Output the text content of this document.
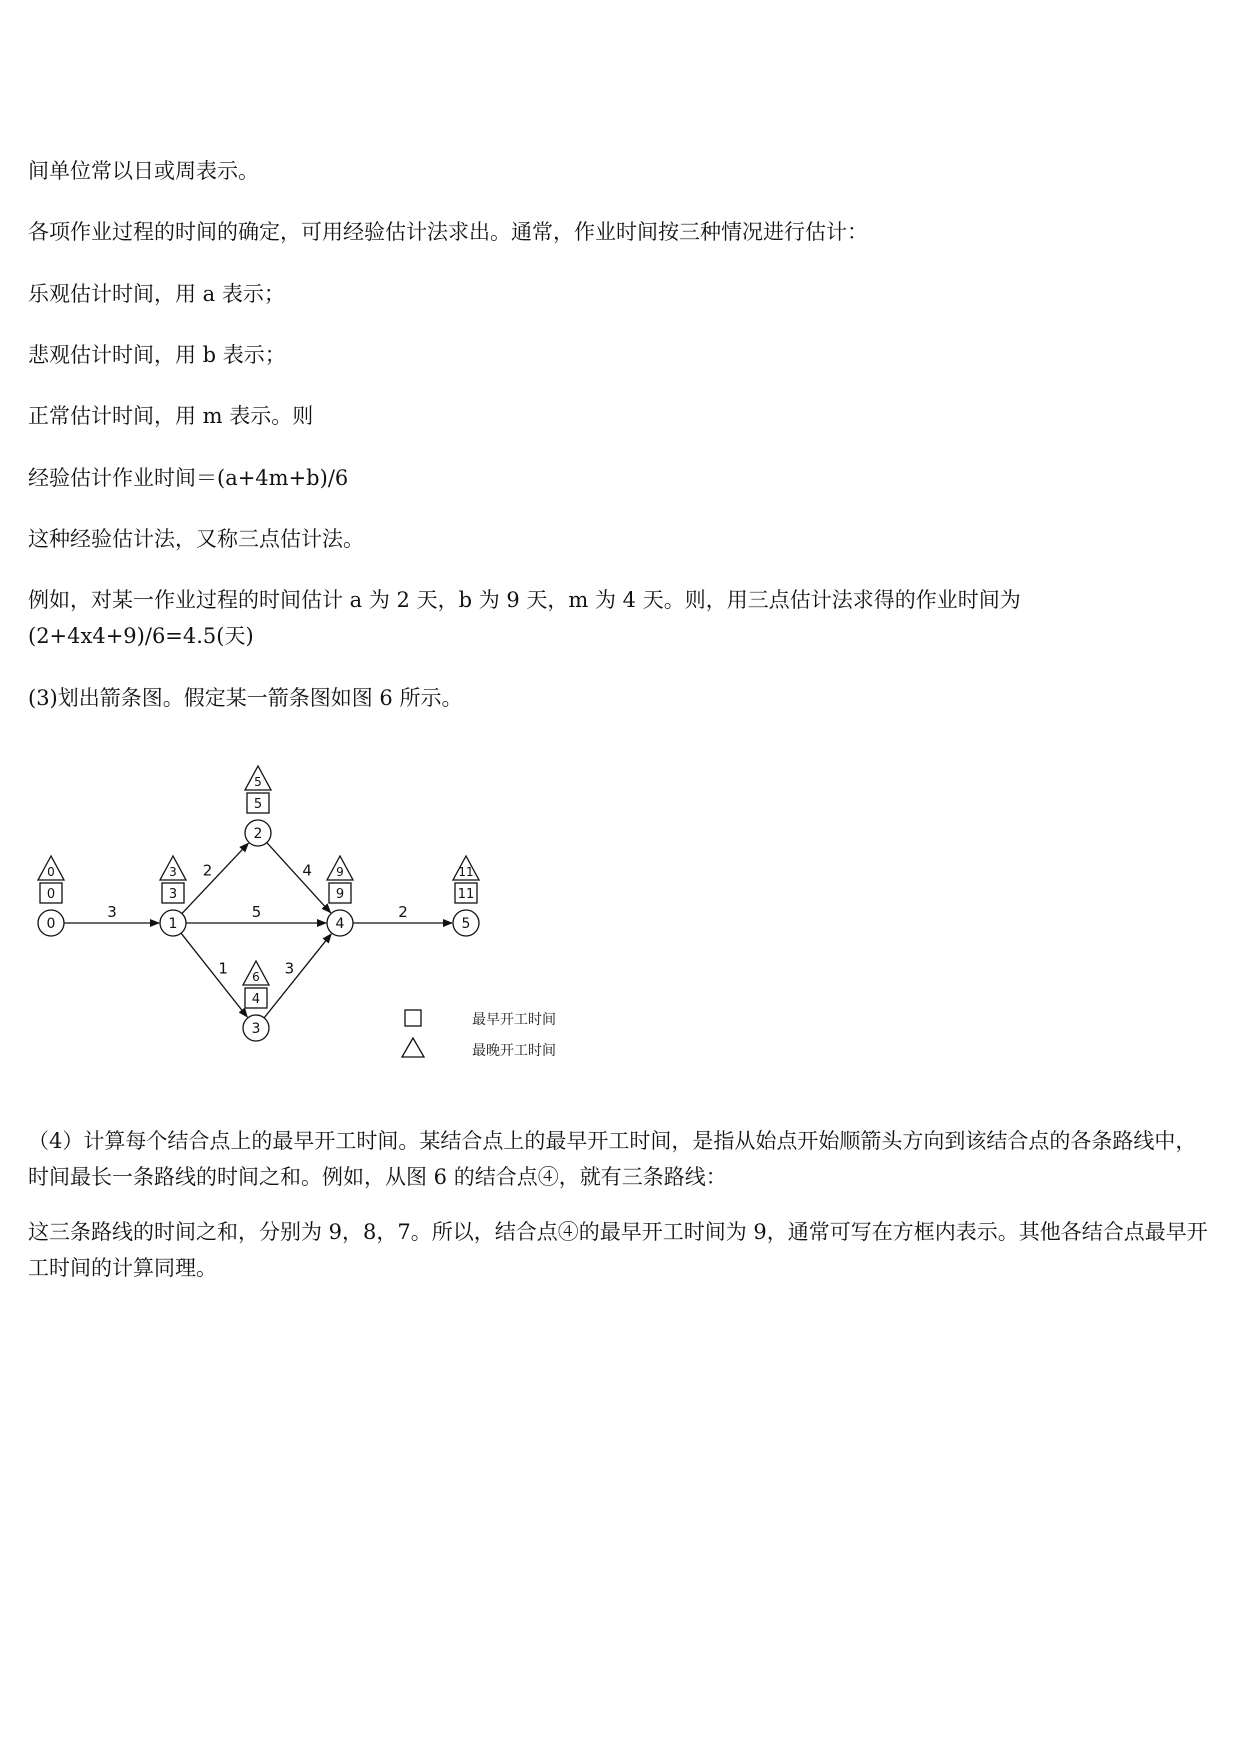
间单位常以日或周表示。

各项作业过程的时间的确定，可用经验估计法求出。通常，作业时间按三种情况进行估计：

乐观估计时间，用 a 表示；

悲观估计时间，用 b 表示；

正常估计时间，用 m 表示。则

经验估计作业时间＝(a+4m+b)/6

这种经验估计法，又称三点估计法。

例如，对某一作业过程的时间估计 a 为 2 天，b 为 9 天，m 为 4 天。则，用三点估计法求得的作业时间为
(2+4x4+9)/6=4.5(天)

(3)划出箭条图。假定某一箭条图如图 6 所示。

3
2
5
1
4
3
2
0
0
0
1
3
3
2
5
5
3
4
6
4
9
9
5
11
11
最早开工时间
最晚开工时间

（4）计算每个结合点上的最早开工时间。某结合点上的最早开工时间，是指从始点开始顺箭头方向到该结合点的各条路线中，时间最长一条路线的时间之和。例如，从图 6 的结合点④，就有三条路线：

这三条路线的时间之和，分别为 9，8，7。所以，结合点④的最早开工时间为 9，通常可写在方框内表示。其他各结合点最早开工时间的计算同理。
